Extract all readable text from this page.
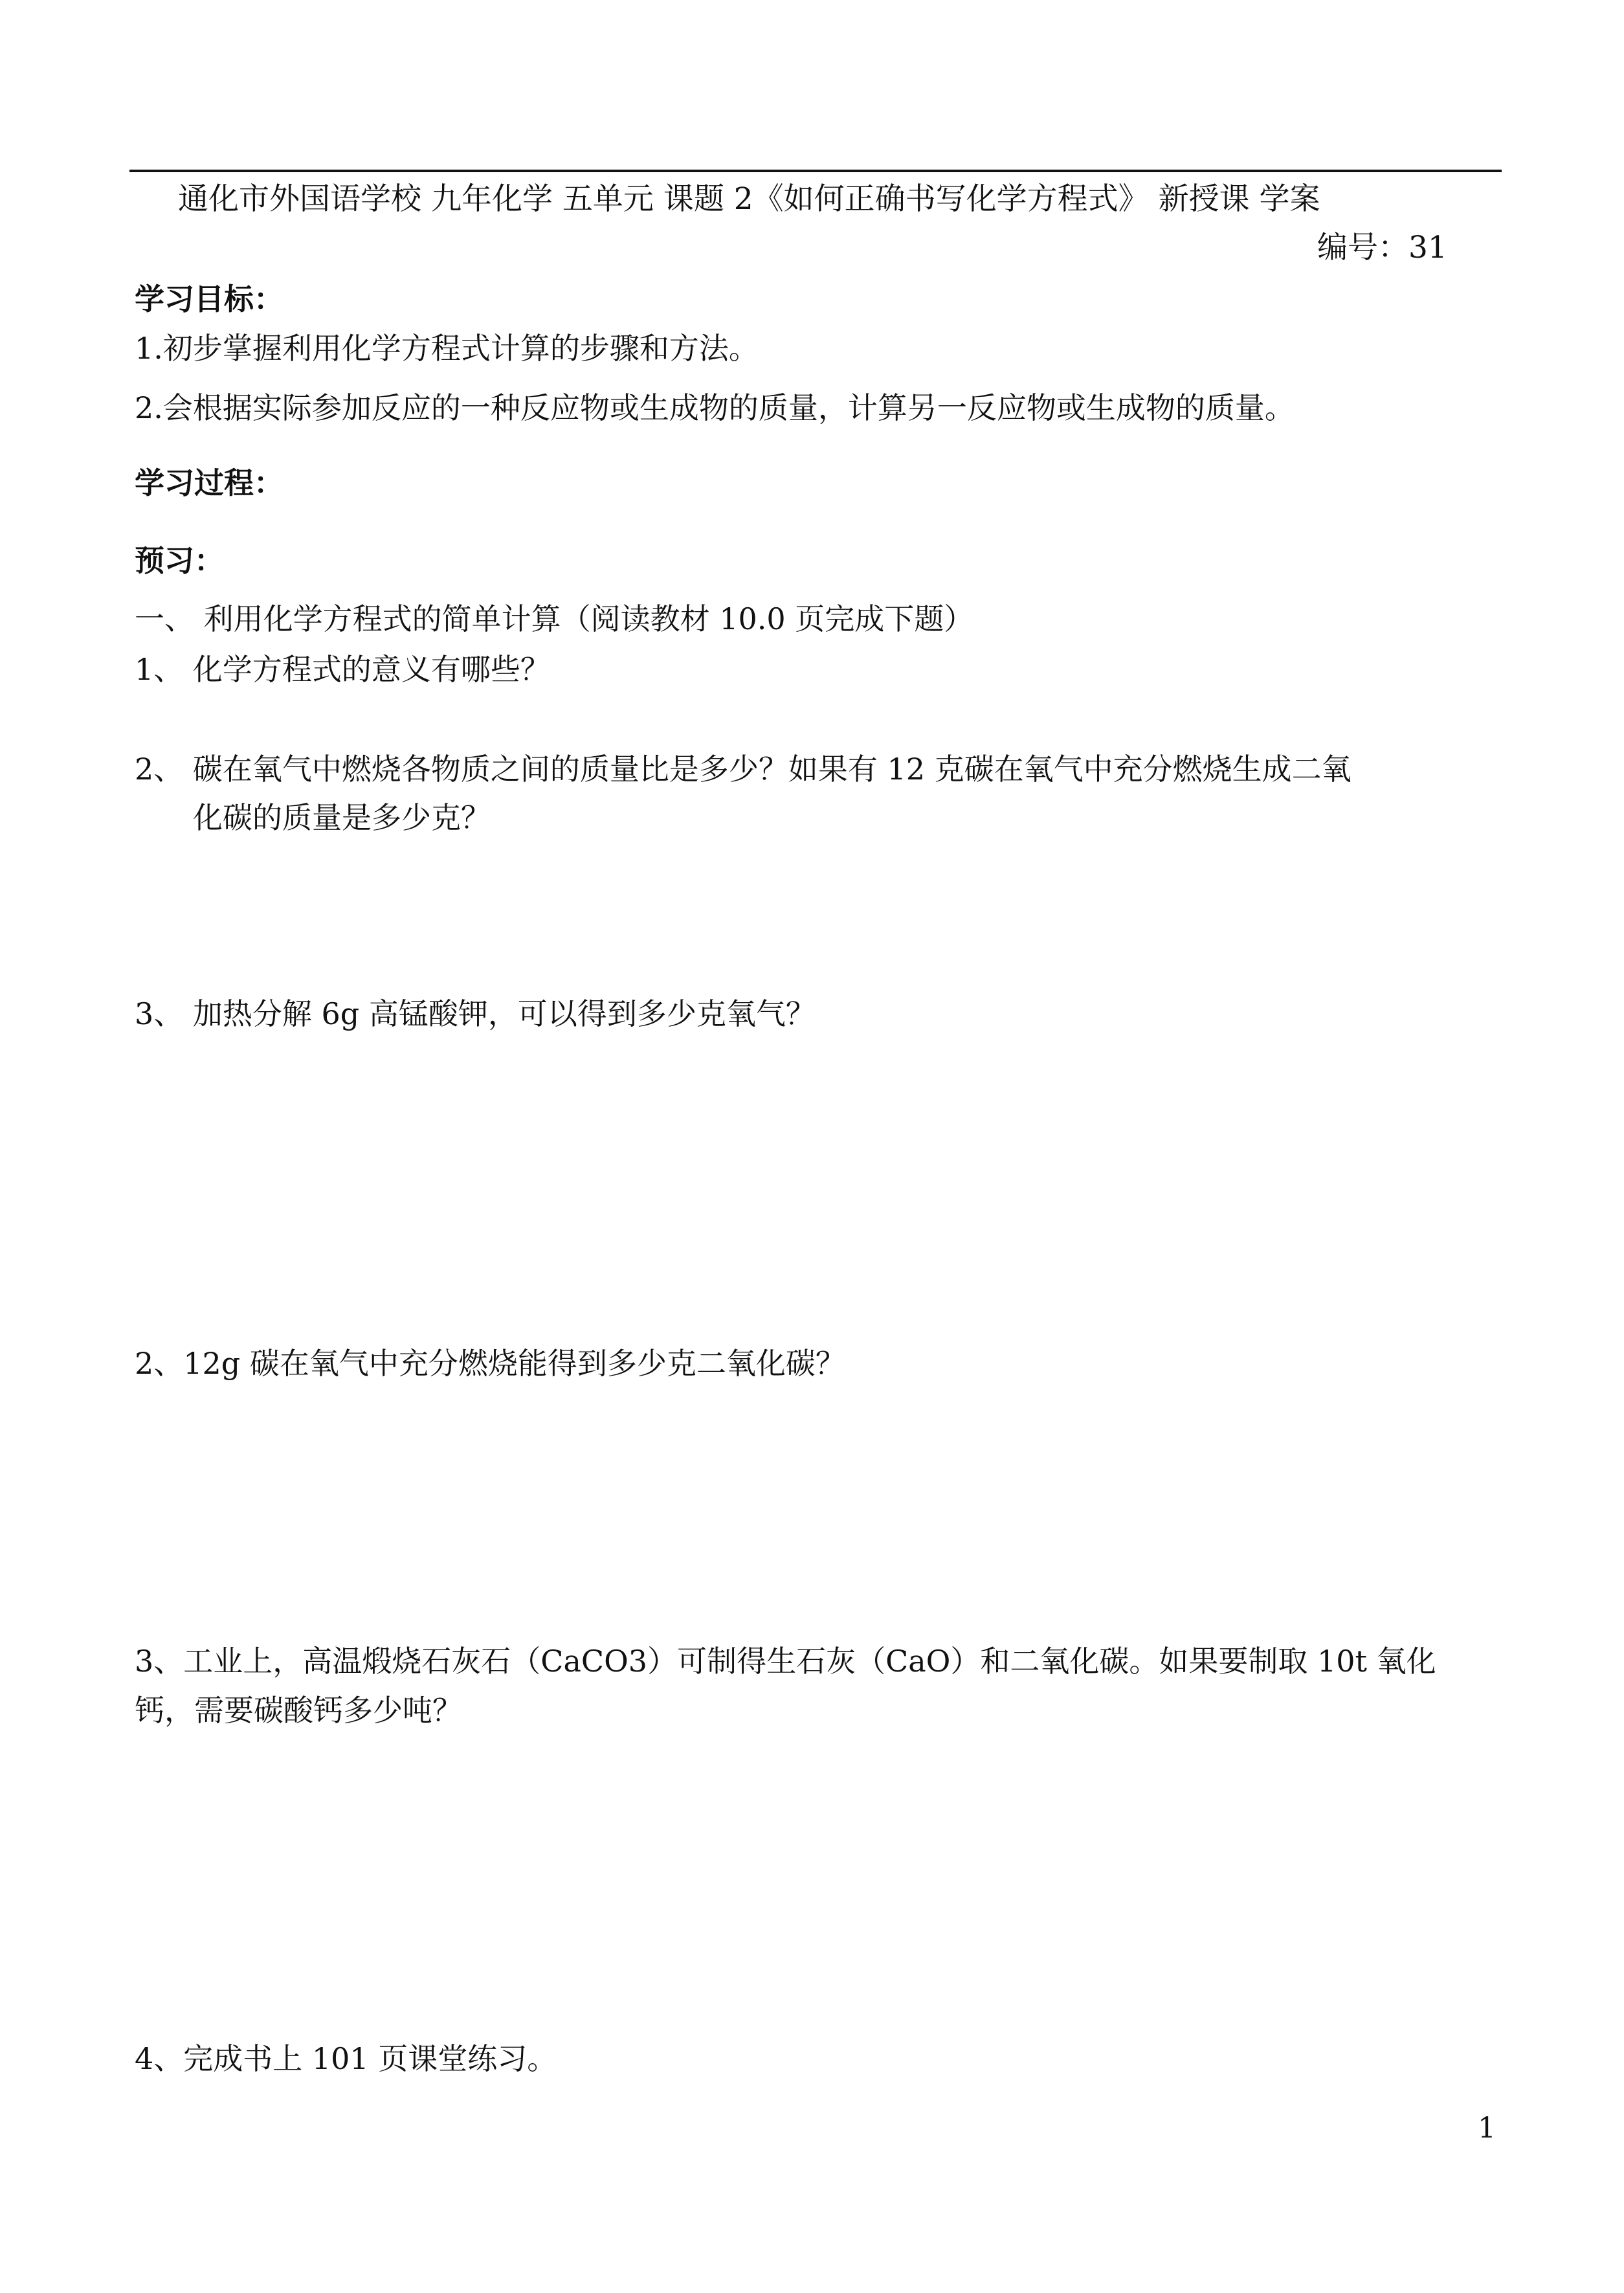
通化市外国语学校 九年化学 五单元 课题 2《如何正确书写化学方程式》 新授课 学案
编号：31
学习目标：
1.初步掌握利用化学方程式计算的步骤和方法。
2.会根据实际参加反应的一种反应物或生成物的质量，计算另一反应物或生成物的质量。
学习过程：
预习：
一、 利用化学方程式的简单计算（阅读教材 10.0 页完成下题）
1、 化学方程式的意义有哪些？
2、 碳在氧气中燃烧各物质之间的质量比是多少？如果有 12 克碳在氧气中充分燃烧生成二氧
化碳的质量是多少克？
3、 加热分解 6g 高锰酸钾，可以得到多少克氧气？
2、12g 碳在氧气中充分燃烧能得到多少克二氧化碳？
3、工业上，高温煅烧石灰石（CaCO3）可制得生石灰（CaO）和二氧化碳。如果要制取 10t 氧化
钙，需要碳酸钙多少吨？
4、完成书上 101 页课堂练习。
1
